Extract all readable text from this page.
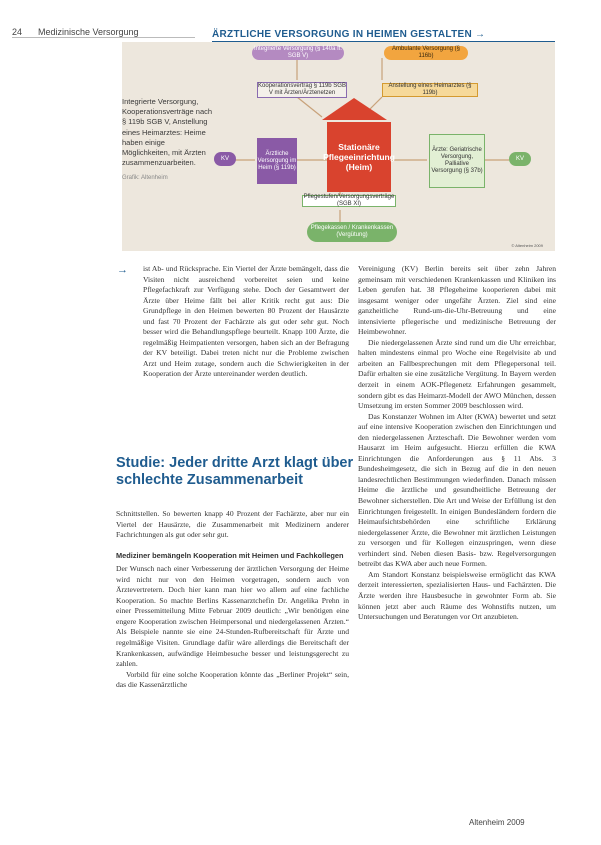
24 Medizinische Versorgung	ÄRZTLICHE VERSORGUNG IN HEIMEN GESTALTEN →
Integrierte Versorgung (§ 140a ff. SGB V)
Ambulante Versorgung (§ 116b)
Kooperationsvertrag § 119b SGB V mit Ärzten/Ärztenetzen
Anstellung eines Heimarztes (§ 119b)
Stationäre
Pflegeeinrichtung
(Heim)
Ärztliche Versorgung im Heim (§ 119b)
Ärzte: Geriatrische Versorgung, Palliative Versorgung (§ 37b)
KV	KV
Pflegestufen/Versorgungsverträge (SGB XI)
Pflegekassen / Krankenkassen (Vergütung)
© Altenheim 2009
Integrierte Versorgung, Kooperationsverträge nach § 119b SGB V, Anstellung eines Heimarztes: Heime haben einige Möglichkeiten, mit Ärzten zusammenzuarbeiten.
Grafik: Altenheim
→ ist Ab- und Rücksprache. Ein Viertel der Ärzte bemängelt, dass die Visiten nicht ausreichend vorbereitet seien und keine Pflegefachkraft zur Verfügung stehe. Doch der Gesamtwert der Ärzte über Heime fällt bei aller Kritik recht gut aus: Die Grundpflege in den Heimen bewerten 80 Prozent der Hausärzte und fast 70 Prozent der Fachärzte als gut oder sehr gut. Noch besser wird die Behandlungspflege beurteilt. Knapp 100 Ärzte, die regelmäßig Heimpatienten versorgen, haben sich an der Befragung der KV beteiligt. Dabei treten nicht nur die Probleme zwischen Arzt und Heim zutage, sondern auch die Schwierigkeiten in der Kooperation der Ärzte untereinander werden deutlich.

Studie: Jeder dritte Arzt klagt über schlechte Zusammenarbeit

Schnittstellen. So bewerten knapp 40 Prozent der Fachärzte, aber nur ein Viertel der Hausärzte, die Zusammenarbeit mit Medizinern anderer Fachrichtungen als gut oder sehr gut.

Mediziner bemängeln Kooperation mit Heimen und Fachkollegen

Der Wunsch nach einer Verbesserung der ärztlichen Versorgung der Heime wird nicht nur von den Heimen vorgetragen, sondern auch von Ärztevertretern. Doch hier kann man hier wo allem auf eine fachliche Kooperation. So machte Berlins Kassenarztchefin Dr. Angelika Prehn in einer Pressemitteilung Mitte Februar 2009 deutlich: „Wir benötigen eine engere Kooperation zwischen Heimpersonal und niedergelassenen Ärzten.“ Als Beispiele nannte sie eine 24-Stunden-Rufbereitschaft für Ärzte und regelmäßige Visiten. Grundlage dafür wäre allerdings die Bereitschaft der Krankenkassen, aufwändige Heimbesuche besser und leistungsgerecht zu zahlen.

Vorbild für eine solche Kooperation könnte das „Berliner Projekt“ sein, das die Kassenärztliche

Vereinigung (KV) Berlin bereits seit über zehn Jahren gemeinsam mit verschiedenen Krankenkassen und Kliniken ins Leben gerufen hat. 38 Pflegeheime kooperieren dabei mit insgesamt weniger oder ungefähr Ärzten. Ziel sind eine ganzheitliche Rund-um-die-Uhr-Betreuung und eine intensivierte pflegerische und medizinische Betreuung der Heimbewohner.

Die niedergelassenen Ärzte sind rund um die Uhr erreichbar, halten mindestens einmal pro Woche eine Regelvisite ab und arbeiten an Fallbesprechungen mit dem Pflegepersonal teil. Dafür erhalten sie eine zusätzliche Vergütung. In Bayern werden derzeit in einem AOK-Pflegenetz Erfahrungen gesammelt, sondern gibt es das Heimarzt-Modell der AWO München, dessen Umsetzung im ersten Sommer 2009 beschlossen wird.

Das Konstanzer Wohnen im Alter (KWA) bewertet und setzt auf eine intensive Kooperation zwischen den Einrichtungen und den niedergelassenen Ärzteschaft. Die Bewohner werden vom Hausarzt im Heim aufgesucht. Hierzu erfüllen die KWA Einrichtungen die Anforderungen aus § 11 Abs. 3 Bundesheimgesetz, die sich in Bezug auf die in den neuen landesrechtlichen Bestimmungen wiederfinden. Danach müssen Heime die ärztliche und gesundheitliche Betreuung der Bewohner sicherstellen. Die Art und Weise der Erfüllung ist den Einrichtungen freigestellt. In einigen Bundesländern fordern die Heimaufsichtsbehörden eine schriftliche Erklärung niedergelassener Ärzte, die Bewohner mit ärztlichen Leistungen zu versorgen und für Kollegen einzuspringen, wenn diese verhindert sind. Neben diesen Basis- bzw. Regelversorgungen betreibt das KWA aber auch neue Formen.

Am Standort Konstanz beispielsweise ermöglicht das KWA derzeit interessierten, spezialisierten Haus- und Fachärzten. Die Ärzte werden ihre Hausbesuche in gewohnter Form ab. Sie können jetzt aber auch Räume des Wohnstifts nutzen, um Untersuchungen und Beratungen vor Ort anzubieten.

Altenheim 2009
